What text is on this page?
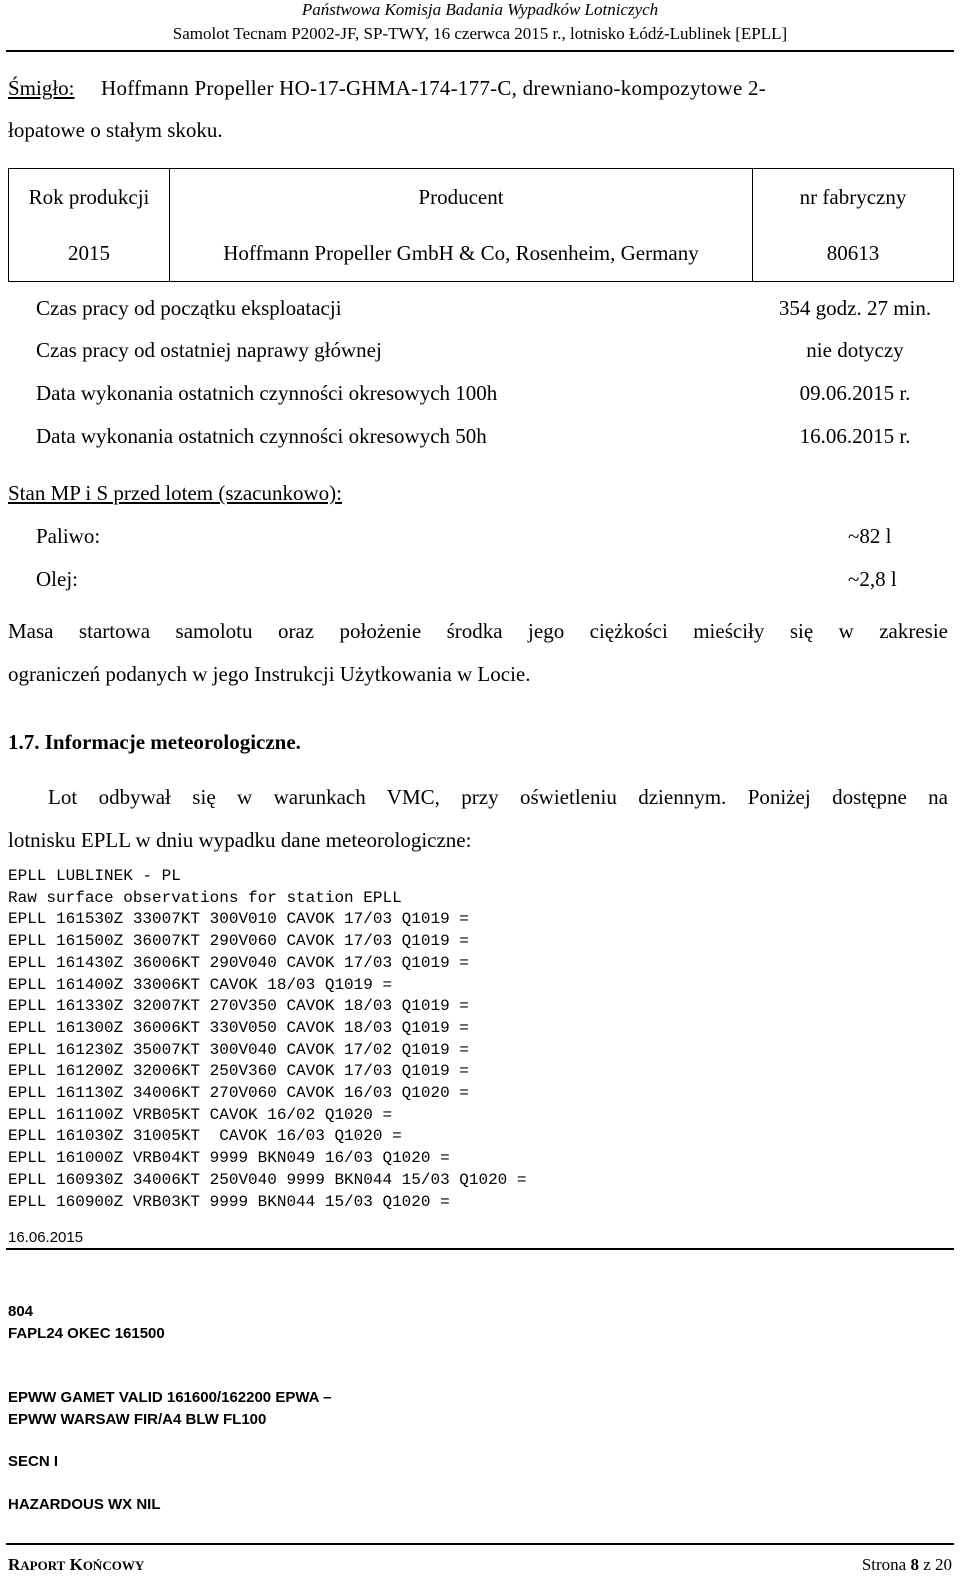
Państwowa Komisja Badania Wypadków Lotniczych
Samolot Tecnam P2002-JF, SP-TWY, 16 czerwca 2015 r., lotnisko Łódź-Lublinek [EPLL]
Śmigło: Hoffmann Propeller HO-17-GHMA-174-177-C, drewniano-kompozytowe 2-
łopatowe o stałym skoku.
Rok produkcji	Producent	nr fabryczny
2015	Hoffmann Propeller GmbH & Co, Rosenheim, Germany	80613
Czas pracy od początku eksploatacji	354 godz. 27 min.
Czas pracy od ostatniej naprawy głównej	nie dotyczy
Data wykonania ostatnich czynności okresowych 100h	09.06.2015 r.
Data wykonania ostatnich czynności okresowych 50h	16.06.2015 r.
Stan MP i S przed lotem (szacunkowo):
Paliwo:	~82 l
Olej:	~2,8 l
Masa startowa samolotu oraz położenie środka jego ciężkości mieściły się w zakresie
ograniczeń podanych w jego Instrukcji Użytkowania w Locie.
1.7. Informacje meteorologiczne.
Lot odbywał się w warunkach VMC, przy oświetleniu dziennym. Poniżej dostępne na
lotnisku EPLL w dniu wypadku dane meteorologiczne:
EPLL LUBLINEK - PL
Raw surface observations for station EPLL
EPLL 161530Z 33007KT 300V010 CAVOK 17/03 Q1019 =
EPLL 161500Z 36007KT 290V060 CAVOK 17/03 Q1019 =
EPLL 161430Z 36006KT 290V040 CAVOK 17/03 Q1019 =
EPLL 161400Z 33006KT CAVOK 18/03 Q1019 =
EPLL 161330Z 32007KT 270V350 CAVOK 18/03 Q1019 =
EPLL 161300Z 36006KT 330V050 CAVOK 18/03 Q1019 =
EPLL 161230Z 35007KT 300V040 CAVOK 17/02 Q1019 =
EPLL 161200Z 32006KT 250V360 CAVOK 17/03 Q1019 =
EPLL 161130Z 34006KT 270V060 CAVOK 16/03 Q1020 =
EPLL 161100Z VRB05KT CAVOK 16/02 Q1020 =
EPLL 161030Z 31005KT  CAVOK 16/03 Q1020 =
EPLL 161000Z VRB04KT 9999 BKN049 16/03 Q1020 =
EPLL 160930Z 34006KT 250V040 9999 BKN044 15/03 Q1020 =
EPLL 160900Z VRB03KT 9999 BKN044 15/03 Q1020 =
16.06.2015
804
FAPL24 OKEC 161500
EPWW GAMET VALID 161600/162200 EPWA –
EPWW WARSAW FIR/A4 BLW FL100
SECN I
HAZARDOUS WX NIL
RAPORT KOŃCOWY	Strona 8 z 20
